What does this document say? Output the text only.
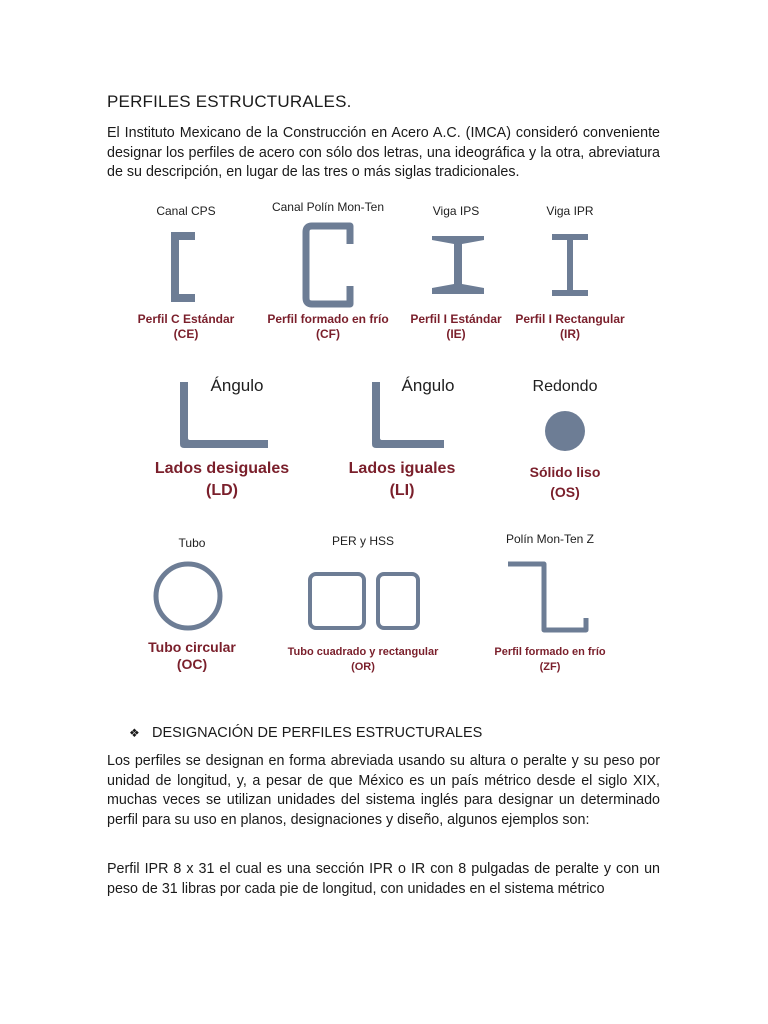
PERFILES ESTRUCTURALES.
El Instituto Mexicano de la Construcción en Acero A.C. (IMCA) consideró conveniente designar los perfiles de acero con sólo dos letras, una ideográfica y la otra, abreviatura de su descripción, en lugar de las tres o más siglas tradicionales.
Canal CPS
Perfil C Estándar
(CE)
Canal Polín Mon-Ten
Perfil formado en frío
(CF)
Viga IPS
Perfil I Estándar
(IE)
Viga IPR
Perfil I Rectangular
(IR)
Ángulo
Lados desiguales
(LD)
Ángulo
Lados iguales
(LI)
Redondo
Sólido liso
(OS)
Tubo
Tubo circular
(OC)
PER y HSS
Tubo cuadrado y rectangular
(OR)
Polín Mon-Ten Z
Perfil formado en frío
(ZF)
❖ DESIGNACIÓN DE PERFILES ESTRUCTURALES
Los perfiles se designan en forma abreviada usando su altura o peralte y su peso por unidad de longitud, y, a pesar de que México es un país métrico desde el siglo XIX, muchas veces se utilizan unidades del sistema inglés para designar un determinado perfil para su uso en planos, designaciones y diseño, algunos ejemplos son:
Perfil IPR 8 x 31 el cual es una sección IPR o IR con 8 pulgadas de peralte y con un peso de 31 libras por cada pie de longitud, con unidades en el sistema métrico
